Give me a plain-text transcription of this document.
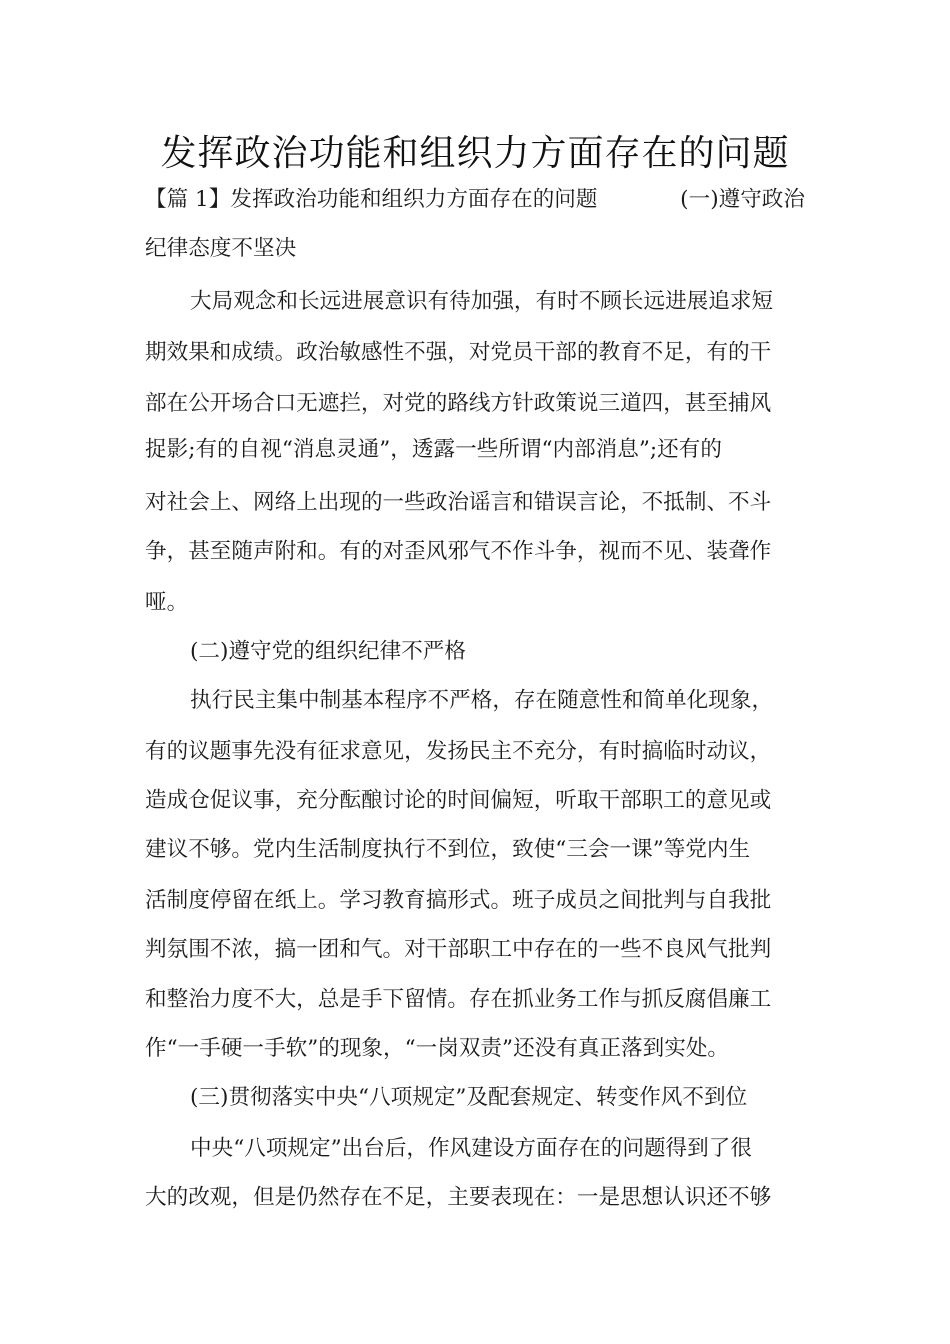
发挥政治功能和组织力方面存在的问题
【篇 1】发挥政治功能和组织力方面存在的问题	(一)遵守政治
纪律态度不坚决
大局观念和长远进展意识有待加强，有时不顾长远进展追求短
期效果和成绩。政治敏感性不强，对党员干部的教育不足，有的干
部在公开场合口无遮拦，对党的路线方针政策说三道四，甚至捕风
捉影;有的自视“消息灵通”，透露一些所谓“内部消息”;还有的
对社会上、网络上出现的一些政治谣言和错误言论，不抵制、不斗
争，甚至随声附和。有的对歪风邪气不作斗争，视而不见、装聋作
哑。
(二)遵守党的组织纪律不严格
执行民主集中制基本程序不严格，存在随意性和简单化现象，
有的议题事先没有征求意见，发扬民主不充分，有时搞临时动议，
造成仓促议事，充分酝酿讨论的时间偏短，听取干部职工的意见或
建议不够。党内生活制度执行不到位，致使“三会一课”等党内生
活制度停留在纸上。学习教育搞形式。班子成员之间批判与自我批
判氛围不浓，搞一团和气。对干部职工中存在的一些不良风气批判
和整治力度不大，总是手下留情。存在抓业务工作与抓反腐倡廉工
作“一手硬一手软”的现象，“一岗双责”还没有真正落到实处。
(三)贯彻落实中央“八项规定”及配套规定、转变作风不到位
中央“八项规定”出台后，作风建设方面存在的问题得到了很
大的改观，但是仍然存在不足，主要表现在：一是思想认识还不够
